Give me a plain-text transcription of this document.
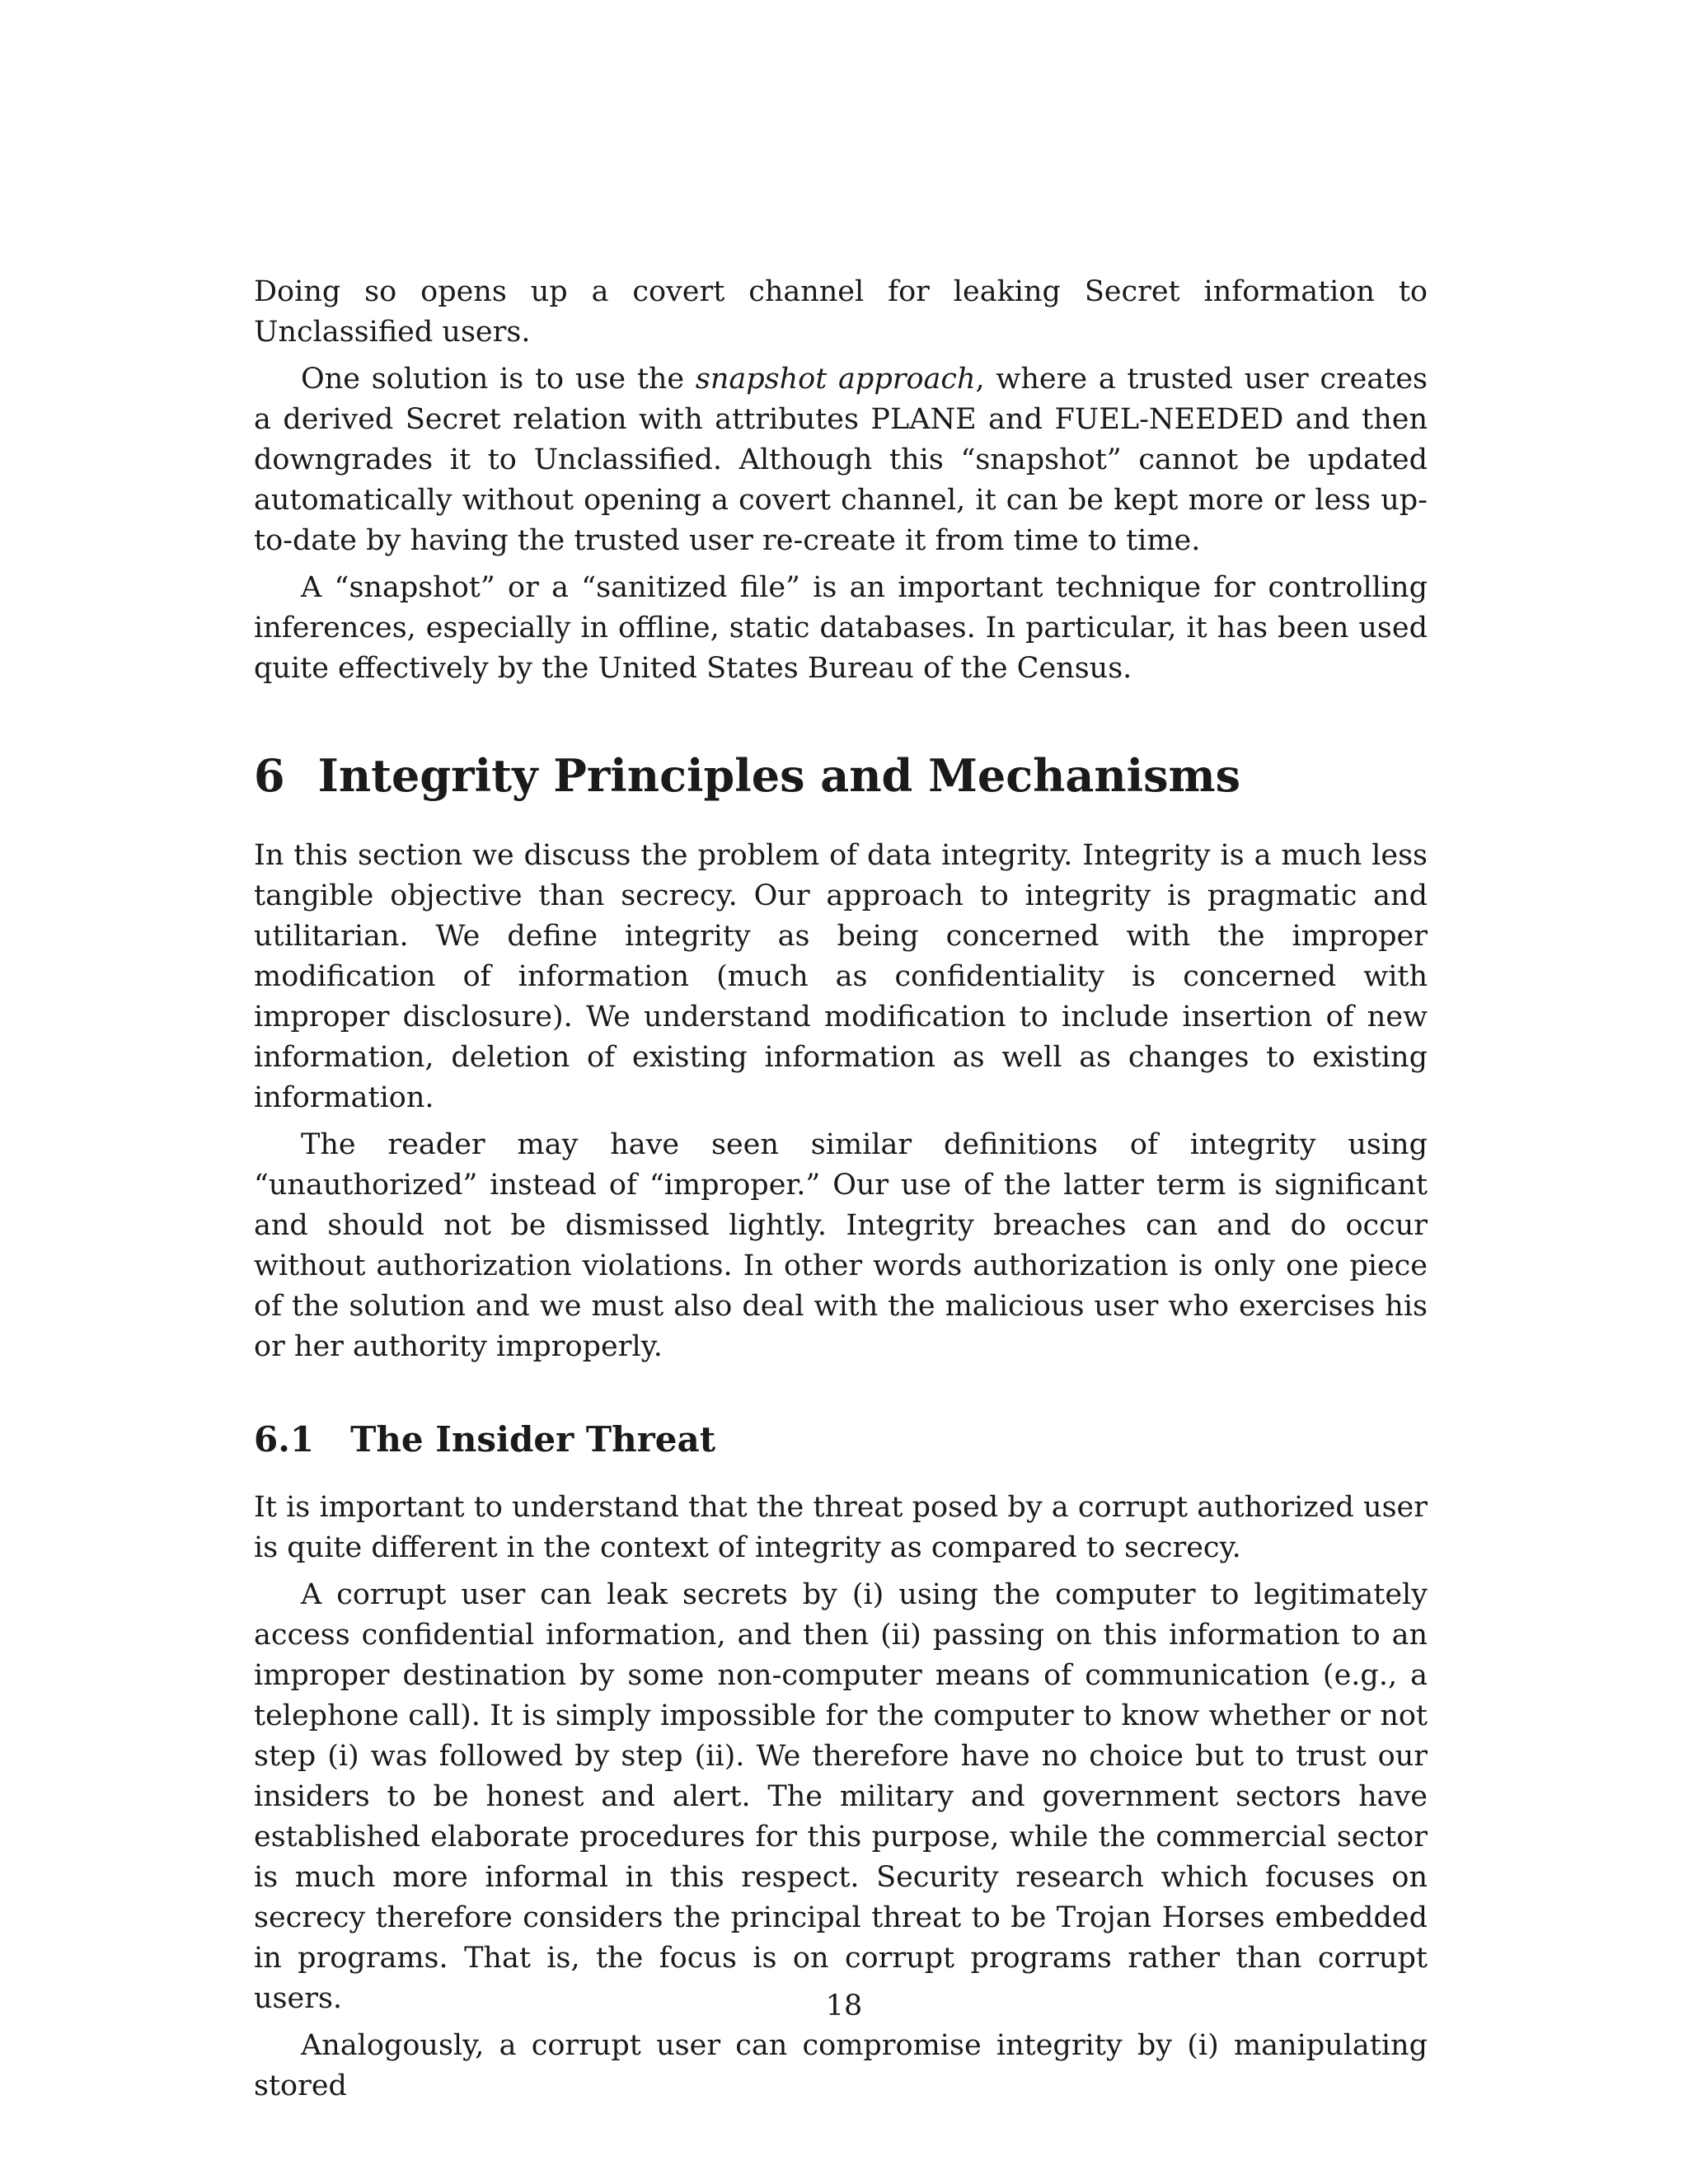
Doing so opens up a covert channel for leaking Secret information to Unclassified users.

One solution is to use the snapshot approach, where a trusted user creates a derived Secret relation with attributes PLANE and FUEL-NEEDED and then downgrades it to Unclassified. Although this “snapshot” cannot be updated automatically without opening a covert channel, it can be kept more or less up-to-date by having the trusted user re-create it from time to time.

A “snapshot” or a “sanitized file” is an important technique for controlling inferences, especially in offline, static databases. In particular, it has been used quite effectively by the United States Bureau of the Census.

6 Integrity Principles and Mechanisms

In this section we discuss the problem of data integrity. Integrity is a much less tangible objective than secrecy. Our approach to integrity is pragmatic and utilitarian. We define integrity as being concerned with the improper modification of information (much as confidentiality is concerned with improper disclosure). We understand modification to include insertion of new information, deletion of existing information as well as changes to existing information.

The reader may have seen similar definitions of integrity using “unauthorized” instead of “improper.” Our use of the latter term is significant and should not be dismissed lightly. Integrity breaches can and do occur without authorization violations. In other words authorization is only one piece of the solution and we must also deal with the malicious user who exercises his or her authority improperly.

6.1 The Insider Threat

It is important to understand that the threat posed by a corrupt authorized user is quite different in the context of integrity as compared to secrecy.

A corrupt user can leak secrets by (i) using the computer to legitimately access confidential information, and then (ii) passing on this information to an improper destination by some non-computer means of communication (e.g., a telephone call). It is simply impossible for the computer to know whether or not step (i) was followed by step (ii). We therefore have no choice but to trust our insiders to be honest and alert. The military and government sectors have established elaborate procedures for this purpose, while the commercial sector is much more informal in this respect. Security research which focuses on secrecy therefore considers the principal threat to be Trojan Horses embedded in programs. That is, the focus is on corrupt programs rather than corrupt users.

Analogously, a corrupt user can compromise integrity by (i) manipulating stored

18
